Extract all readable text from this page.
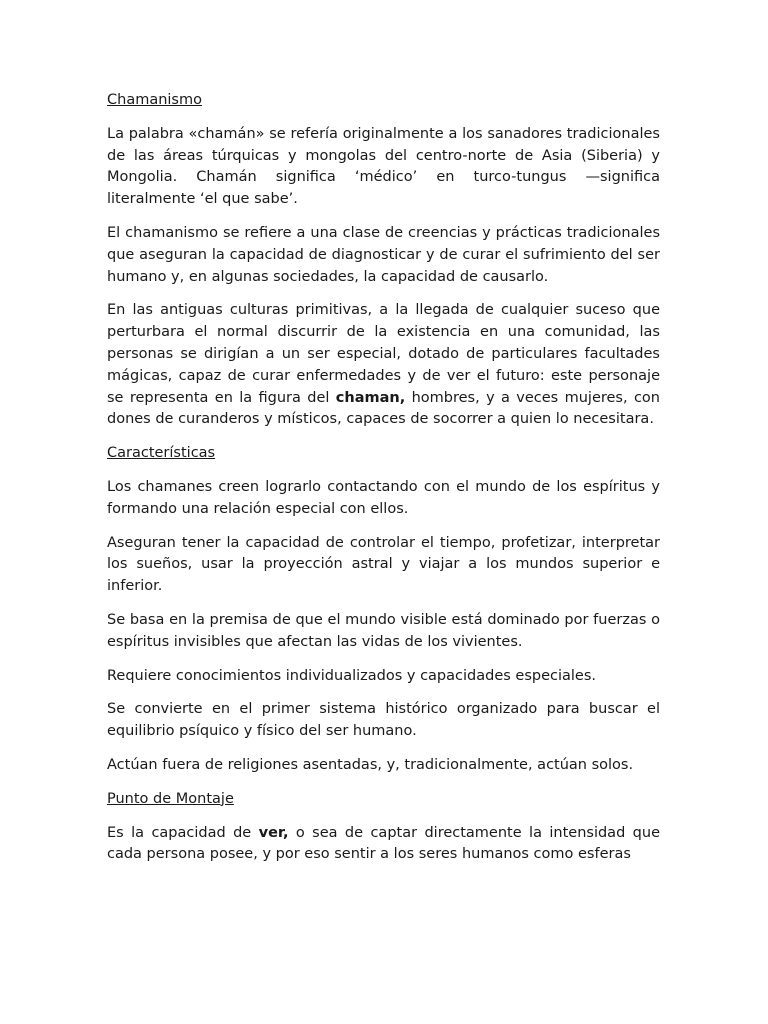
Chamanismo

La palabra «chamán» se refería originalmente a los sanadores tradicionales de las áreas túrquicas y mongolas del centro-norte de Asia (Siberia) y Mongolia. Chamán significa ‘médico’ en turco-tungus —significa literalmente ‘el que sabe’.

El chamanismo se refiere a una clase de creencias y prácticas tradicionales que aseguran la capacidad de diagnosticar y de curar el sufrimiento del ser humano y, en algunas sociedades, la capacidad de causarlo.

En las antiguas culturas primitivas, a la llegada de cualquier suceso que perturbara el normal discurrir de la existencia en una comunidad, las personas se dirigían a un ser especial, dotado de particulares facultades mágicas, capaz de curar enfermedades y de ver el futuro: este personaje se representa en la figura del chaman, hombres, y a veces mujeres, con dones de curanderos y místicos, capaces de socorrer a quien lo necesitara.

Características

Los chamanes creen lograrlo contactando con el mundo de los espíritus y formando una relación especial con ellos.

Aseguran tener la capacidad de controlar el tiempo, profetizar, interpretar los sueños, usar la proyección astral y viajar a los mundos superior e inferior.

Se basa en la premisa de que el mundo visible está dominado por fuerzas o espíritus invisibles que afectan las vidas de los vivientes.

Requiere conocimientos individualizados y capacidades especiales.

Se convierte en el primer sistema histórico organizado para buscar el equilibrio psíquico y físico del ser humano.

Actúan fuera de religiones asentadas, y, tradicionalmente, actúan solos.

Punto de Montaje

Es la capacidad de ver, o sea de captar directamente la intensidad que cada persona posee, y por eso sentir a los seres humanos como esferas
